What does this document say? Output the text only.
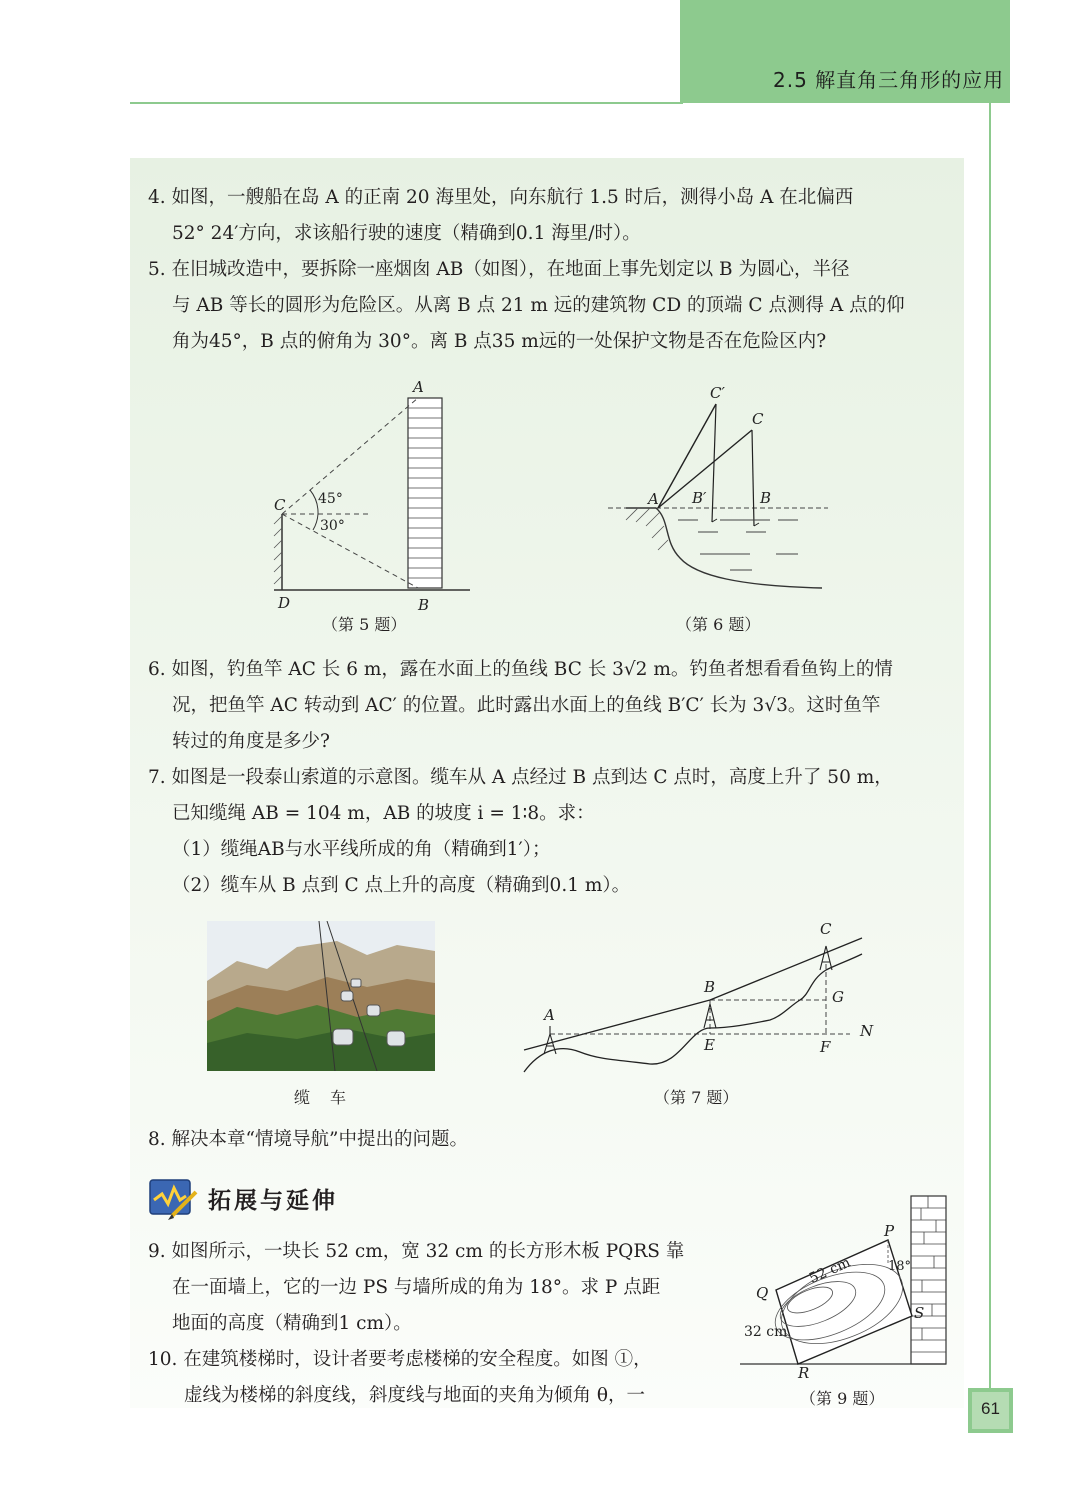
2.5 解直角三角形的应用
4. 如图，一艘船在岛 A 的正南 20 海里处，向东航行 1.5 时后，测得小岛 A 在北偏西
52° 24′方向，求该船行驶的速度（精确到0.1 海里/时）。
5. 在旧城改造中，要拆除一座烟囱 AB（如图），在地面上事先划定以 B 为圆心，半径
与 AB 等长的圆形为危险区。从离 B 点 21 m 远的建筑物 CD 的顶端 C 点测得 A 点的仰
角为45°，B 点的俯角为 30°。离 B 点35 m远的一处保护文物是否在危险区内?
A
C 45°
30°
D	B
（第 5 题）
C′
C
A B′	B
（第 6 题）
6. 如图，钓鱼竿 AC 长 6 m，露在水面上的鱼线 BC 长 3√2 m。钓鱼者想看看鱼钩上的情
况，把鱼竿 AC 转动到 AC′ 的位置。此时露出水面上的鱼线 B′C′ 长为 3√3。这时鱼竿
转过的角度是多少?
7. 如图是一段泰山索道的示意图。缆车从 A 点经过 B 点到达 C 点时，高度上升了 50 m，
已知缆绳 AB = 104 m，AB 的坡度 i = 1∶8。求：
（1）缆绳AB与水平线所成的角（精确到1′）；
（2）缆车从 B 点到 C 点上升的高度（精确到0.1 m）。
缆　车
A
B
C
G
E	F
N
（第 7 题）
8. 解决本章“情境导航”中提出的问题。
拓展与延伸
9. 如图所示，一块长 52 cm，宽 32 cm 的长方形木板 PQRS 靠
在一面墙上，它的一边 PS 与墙所成的角为 18°。求 P 点距
地面的高度（精确到1 cm）。
10. 在建筑楼梯时，设计者要考虑楼梯的安全程度。如图 ①，
虚线为楼梯的斜度线，斜度线与地面的夹角为倾角 θ，一
P
Q
R
S
52 cm
32 cm
18°
（第 9 题）
61
